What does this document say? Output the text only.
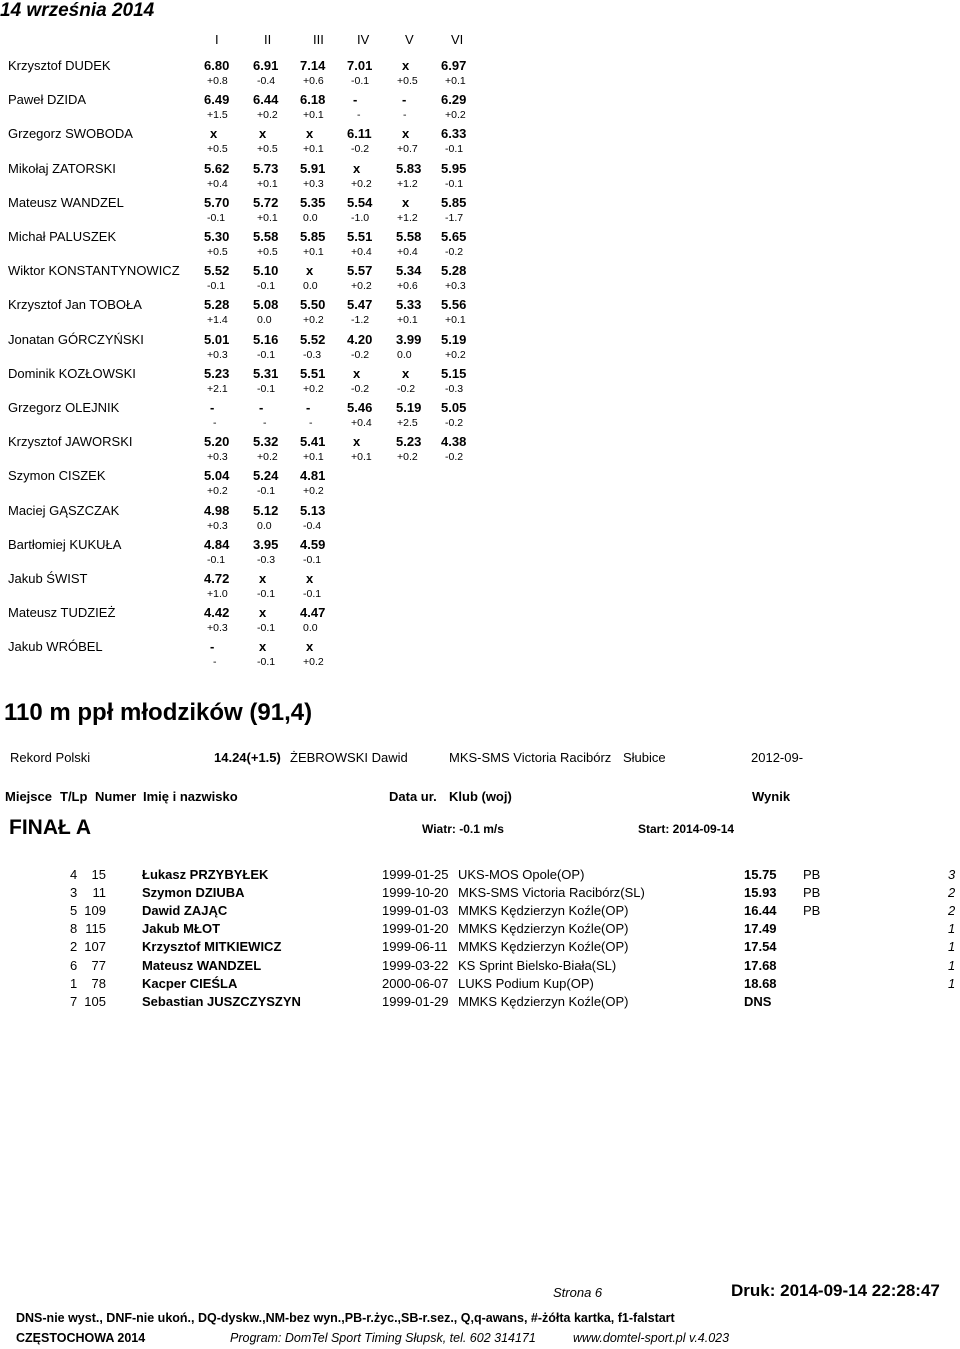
14 września 2014
I	II	III	IV	V	VI
Krzysztof DUDEK	6.80 6.91 7.14 7.01 x 6.97
+0.8	-0.4	+0.6	-0.1	+0.5	+0.1
Paweł DZIDA	6.49 6.44 6.18 -	-	6.29
+1.5	+0.2 +0.1	-	-	+0.2
Grzegorz SWOBODA	x	x	x	6.11 x 6.33
+0.5	+0.5 +0.1	-0.2	+0.7	-0.1
Mikołaj ZATORSKI	5.62 5.73 5.91 x	5.83 5.95
+0.4	+0.1 +0.3	+0.2 +1.2	-0.1
Mateusz WANDZEL	5.70 5.72 5.35 5.54 x 5.85
-0.1	+0.1 0.0	-1.0	+1.2	-1.7
Michał PALUSZEK	5.30 5.58 5.85 5.51 5.58 5.65
+0.5	+0.5 +0.1	+0.4 +0.4	-0.2
Wiktor KONSTANTYNOWICZ 5.52 5.10 x	5.57 5.34 5.28
-0.1	-0.1	0.0	+0.2 +0.6	+0.3
Krzysztof Jan TOBOŁA	5.28 5.08 5.50 5.47 5.33 5.56
+1.4	0.0	+0.2	-1.2	+0.1	+0.1
Jonatan GÓRCZYŃSKI	5.01 5.16 5.52 4.20 3.99 5.19
+0.3	-0.1	-0.3	-0.2	0.0	+0.2
Dominik KOZŁOWSKI	5.23 5.31 5.51 x	x 5.15
+2.1	-0.1	+0.2	-0.2	-0.2	-0.3
Grzegorz OLEJNIK	-	-	-	5.46 5.19 5.05
-	-	-	+0.4 +2.5	-0.2
Krzysztof JAWORSKI	5.20 5.32 5.41 x	5.23 4.38
+0.3	+0.2 +0.1	+0.1 +0.2	-0.2
Szymon CISZEK	5.04 5.24 4.81
+0.2	-0.1	+0.2
Maciej GĄSZCZAK	4.98 5.12 5.13
+0.3	0.0	-0.4
Bartłomiej KUKUŁA	4.84 3.95 4.59
-0.1	-0.3	-0.1
Jakub ŚWIST	4.72 x	x
+1.0	-0.1	-0.1
Mateusz TUDZIEŻ	4.42 x	4.47
+0.3	-0.1	0.0
Jakub WRÓBEL	-	x	x
-	-0.1	+0.2
110 m ppł młodzików (91,4)
Rekord Polski	14.24(+1.5) ŻEBROWSKI Dawid	MKS-SMS Victoria Racibórz Słubice	2012-09-
Miejsce T/Lp Numer Imię i nazwisko	Data ur. Klub (woj)	Wynik
FINAŁ A	Wiatr: -0.1 m/s	Start: 2014-09-14
4 15	Łukasz PRZYBYŁEK	1999-01-25 UKS-MOS Opole(OP)	15.75 PB	3
3 11	Szymon DZIUBA	1999-10-20 MKS-SMS Victoria Racibórz(SL)	15.93 PB	2
5 109	Dawid ZAJĄC	1999-01-03 MMKS Kędzierzyn Koźle(OP)	16.44 PB	2
8 115	Jakub MŁOT	1999-01-20 MMKS Kędzierzyn Koźle(OP)	17.49	1
2 107	Krzysztof MITKIEWICZ	1999-06-11 MMKS Kędzierzyn Koźle(OP)	17.54	1
6 77	Mateusz WANDZEL	1999-03-22 KS Sprint Bielsko-Biała(SL)	17.68	1
1 78	Kacper CIEŚLA	2000-06-07 LUKS Podium Kup(OP)	18.68	1
7 105	Sebastian JUSZCZYSZYN	1999-01-29 MMKS Kędzierzyn Koźle(OP)	DNS
Strona 6	Druk: 2014-09-14 22:28:47
DNS-nie wyst., DNF-nie ukoń., DQ-dyskw.,NM-bez wyn.,PB-r.życ.,SB-r.sez., Q,q-awans, #-żółta kartka, f1-falstart
CZĘSTOCHOWA 2014	Program: DomTel Sport Timing Słupsk, tel. 602 314171	www.domtel-sport.pl v.4.023
